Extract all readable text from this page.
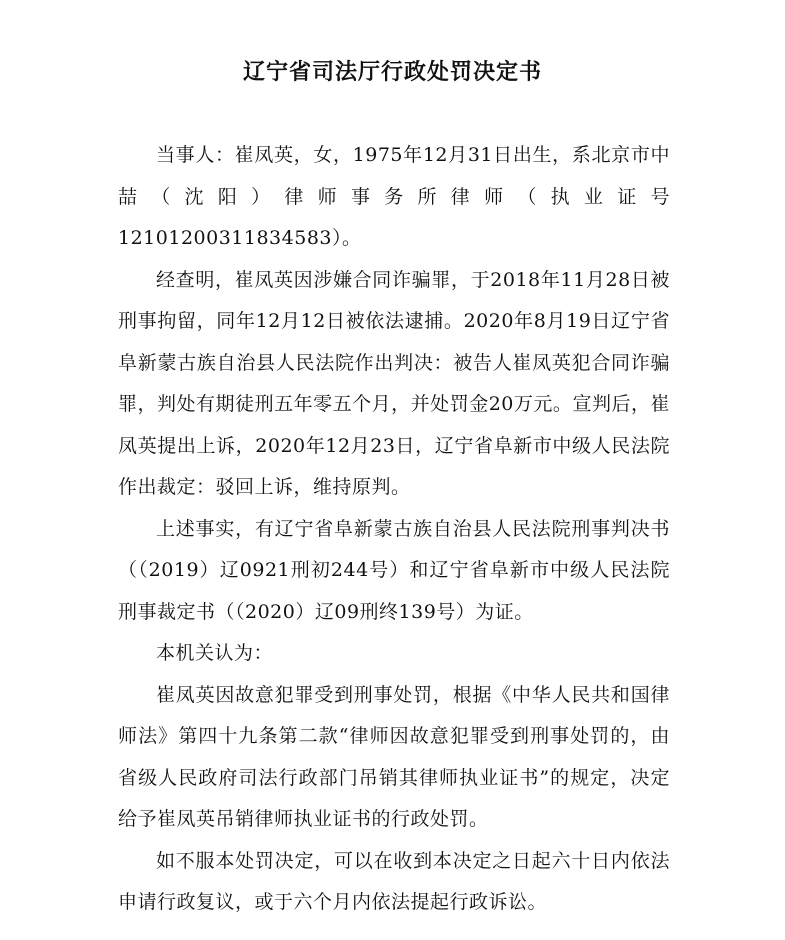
辽宁省司法厅行政处罚决定书

当事人：崔凤英，女，1975年12月31日出生，系北京市中喆（沈阳）律师事务所律师（执业证号12101200311834583）。

经查明，崔凤英因涉嫌合同诈骗罪，于2018年11月28日被刑事拘留，同年12月12日被依法逮捕。2020年8月19日辽宁省阜新蒙古族自治县人民法院作出判决：被告人崔凤英犯合同诈骗罪，判处有期徒刑五年零五个月，并处罚金20万元。宣判后，崔凤英提出上诉，2020年12月23日，辽宁省阜新市中级人民法院作出裁定：驳回上诉，维持原判。

上述事实，有辽宁省阜新蒙古族自治县人民法院刑事判决书（（2019）辽0921刑初244号）和辽宁省阜新市中级人民法院刑事裁定书（（2020）辽09刑终139号）为证。

本机关认为：

崔凤英因故意犯罪受到刑事处罚，根据《中华人民共和国律师法》第四十九条第二款“律师因故意犯罪受到刑事处罚的，由省级人民政府司法行政部门吊销其律师执业证书”的规定，决定给予崔凤英吊销律师执业证书的行政处罚。

如不服本处罚决定，可以在收到本决定之日起六十日内依法申请行政复议，或于六个月内依法提起行政诉讼。
